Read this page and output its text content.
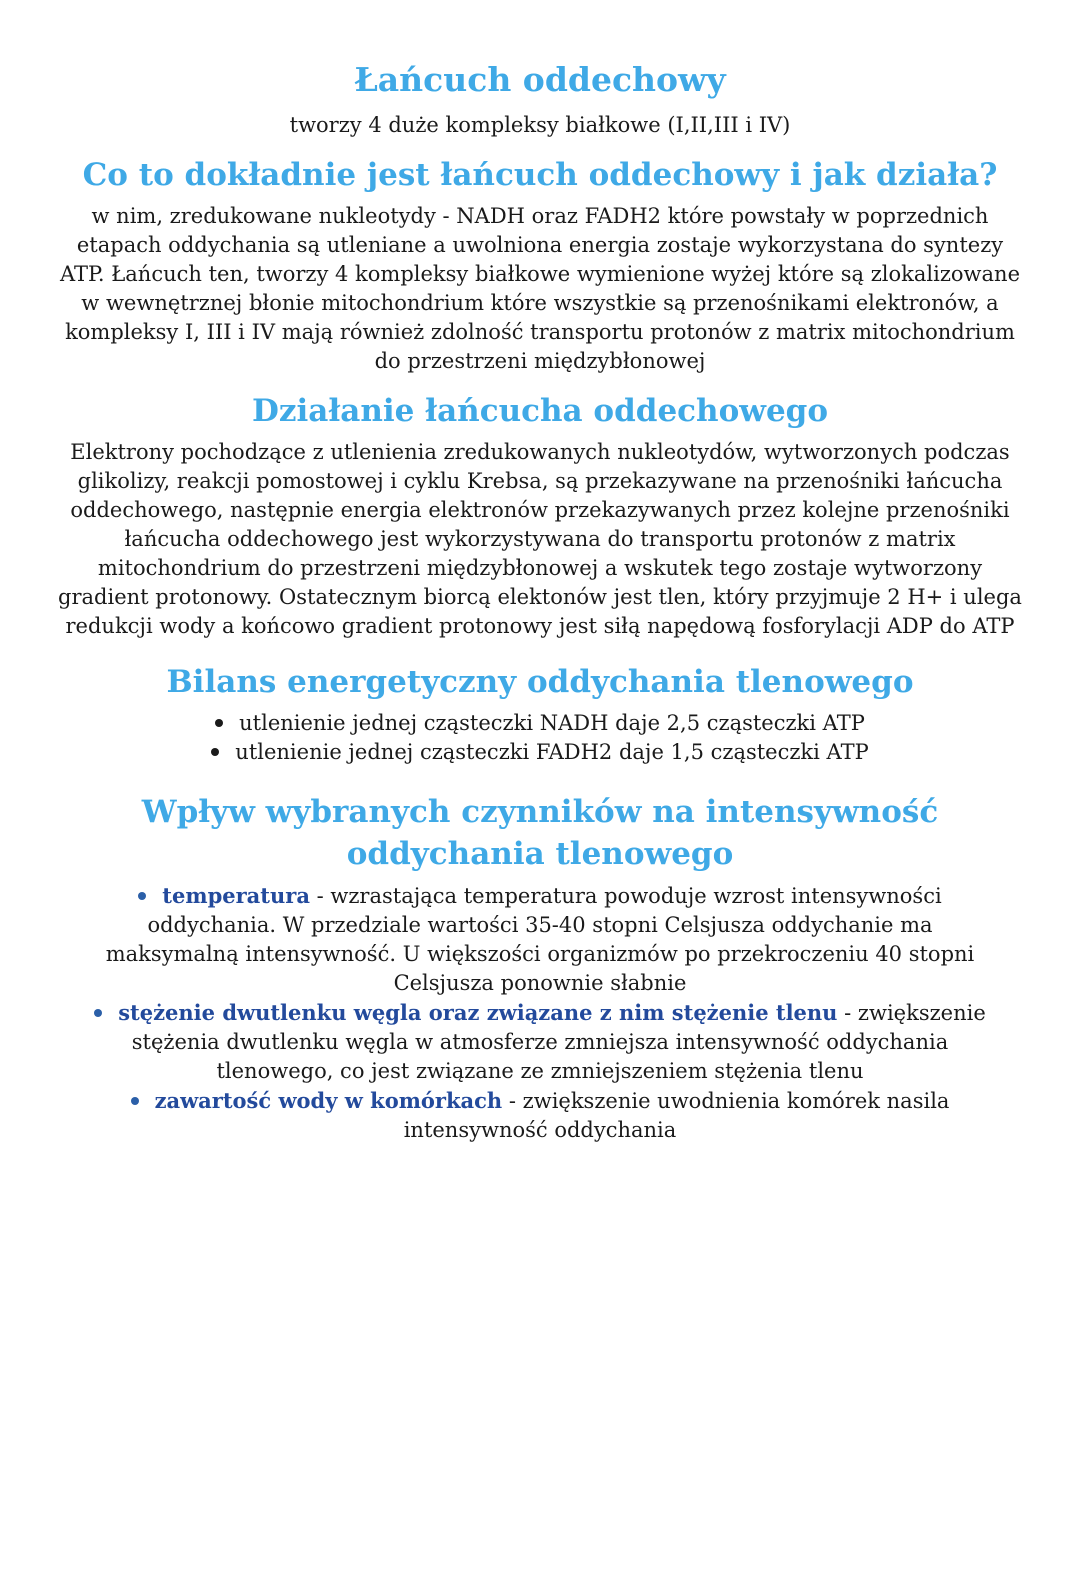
Łańcuch oddechowy

tworzy 4 duże kompleksy białkowe (I,II,III i IV)

Co to dokładnie jest łańcuch oddechowy i jak działa?

w nim, zredukowane nukleotydy - NADH oraz FADH2 które powstały w poprzednich etapach oddychania są utleniane a uwolniona energia zostaje wykorzystana do syntezy ATP. Łańcuch ten, tworzy 4 kompleksy białkowe wymienione wyżej które są zlokalizowane w wewnętrznej błonie mitochondrium które wszystkie są przenośnikami elektronów, a kompleksy I, III i IV mają również zdolność transportu protonów z matrix mitochondrium do przestrzeni międzybłonowej

Działanie łańcucha oddechowego

Elektrony pochodzące z utlenienia zredukowanych nukleotydów, wytworzonych podczas glikolizy, reakcji pomostowej i cyklu Krebsa, są przekazywane na przenośniki łańcucha oddechowego, następnie energia elektronów przekazywanych przez kolejne przenośniki łańcucha oddechowego jest wykorzystywana do transportu protonów z matrix mitochondrium do przestrzeni międzybłonowej a wskutek tego zostaje wytworzony gradient protonowy. Ostatecznym biorcą elektonów jest tlen, który przyjmuje 2 H+ i ulega redukcji wody a końcowo gradient protonowy jest siłą napędową fosforylacji ADP do ATP

Bilans energetyczny oddychania tlenowego
utlenienie jednej cząsteczki NADH daje 2,5 cząsteczki ATP
utlenienie jednej cząsteczki FADH2 daje 1,5 cząsteczki ATP
Wpływ wybranych czynników na intensywność oddychania tlenowego
temperatura - wzrastająca temperatura powoduje wzrost intensywności oddychania. W przedziale wartości 35-40 stopni Celsjusza oddychanie ma maksymalną intensywność. U większości organizmów po przekroczeniu 40 stopni Celsjusza ponownie słabnie
stężenie dwutlenku węgla oraz związane z nim stężenie tlenu - zwiększenie stężenia dwutlenku węgla w atmosferze zmniejsza intensywność oddychania tlenowego, co jest związane ze zmniejszeniem stężenia tlenu
zawartość wody w komórkach - zwiększenie uwodnienia komórek nasila intensywność oddychania
